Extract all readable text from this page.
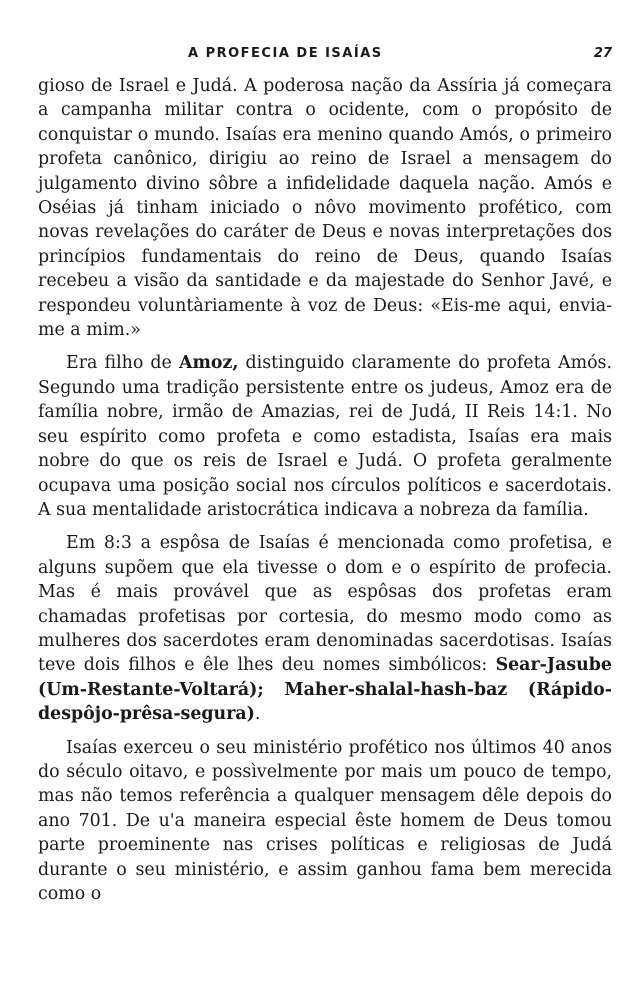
A PROFECIA DE ISAÍAS	27

gioso de Israel e Judá. A poderosa nação da Assíria já começara a campanha militar contra o ocidente, com o propósito de conquistar o mundo. Isaías era menino quando Amós, o primeiro profeta canônico, dirigiu ao reino de Israel a mensagem do julgamento divino sôbre a infidelidade daquela nação. Amós e Oséias já tinham iniciado o nôvo movimento profético, com novas revelações do caráter de Deus e novas interpretações dos princípios fundamentais do reino de Deus, quando Isaías recebeu a visão da santidade e da majestade do Senhor Javé, e respondeu voluntàriamente à voz de Deus: «Eis-me aqui, envia-me a mim.»

Era filho de Amoz, distinguido claramente do profeta Amós. Segundo uma tradição persistente entre os judeus, Amoz era de família nobre, irmão de Amazias, rei de Judá, II Reis 14:1. No seu espírito como profeta e como estadista, Isaías era mais nobre do que os reis de Israel e Judá. O profeta geralmente ocupava uma posição social nos círculos políticos e sacerdotais. A sua mentalidade aristocrática indicava a nobreza da família.

Em 8:3 a espôsa de Isaías é mencionada como profetisa, e alguns supõem que ela tivesse o dom e o espírito de profecia. Mas é mais provável que as espôsas dos profetas eram chamadas profetisas por cortesia, do mesmo modo como as mulheres dos sacerdotes eram denominadas sacerdotisas. Isaías teve dois filhos e êle lhes deu nomes simbólicos: Sear-Jasube (Um-Restante-Voltará); Maher-shalal-hash-baz (Rápido-despôjo-prêsa-segura).

Isaías exerceu o seu ministério profético nos últimos 40 anos do século oitavo, e possìvelmente por mais um pouco de tempo, mas não temos referência a qualquer mensagem dêle depois do ano 701. De u'a maneira especial êste homem de Deus tomou parte proeminente nas crises políticas e religiosas de Judá durante o seu ministério, e assim ganhou fama bem merecida como o
